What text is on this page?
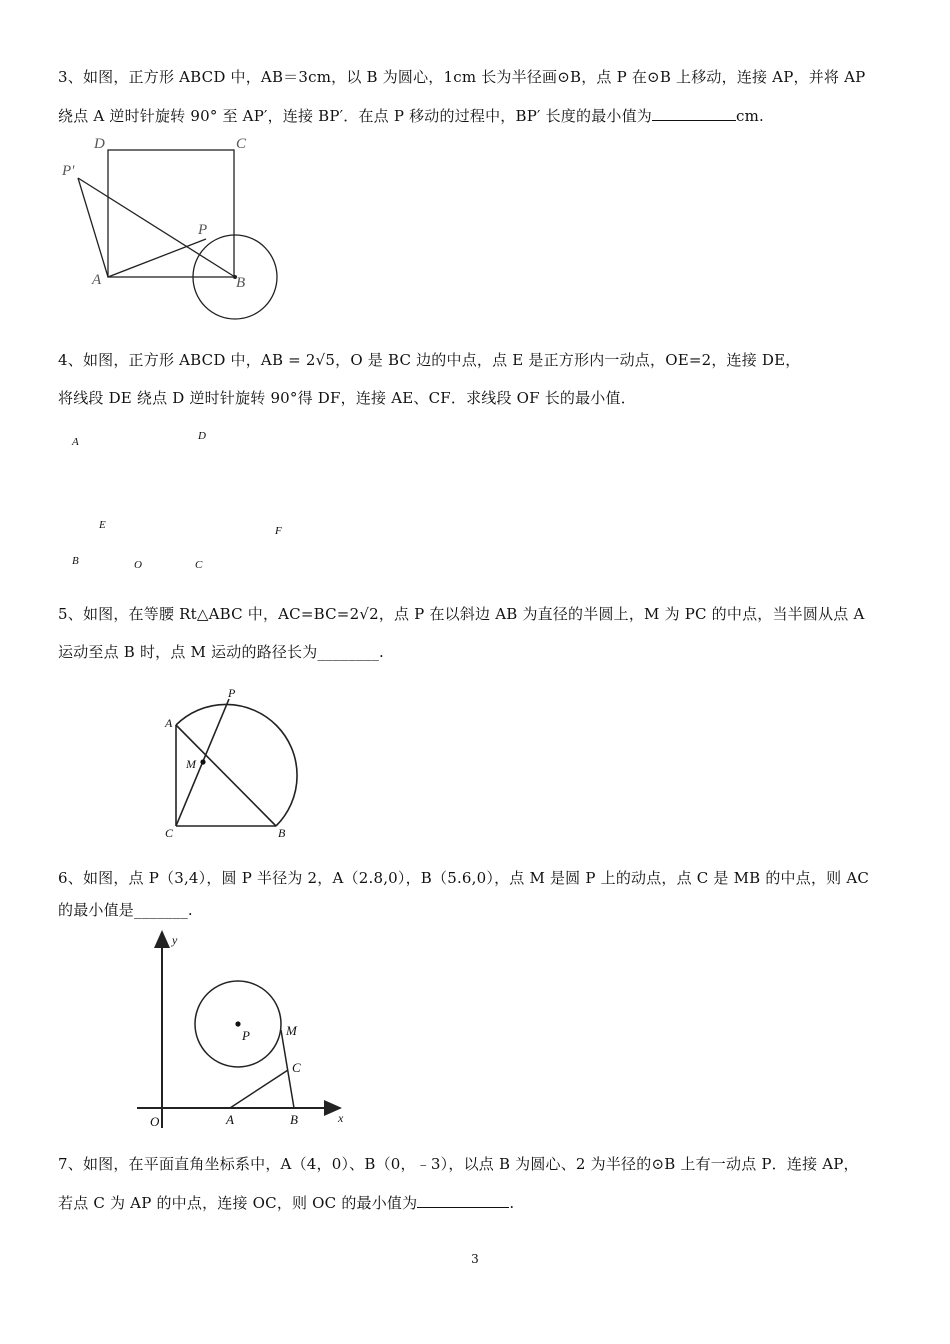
3、如图，正方形 ABCD 中，AB＝3cm，以 B 为圆心，1cm 长为半径画⊙B，点 P 在⊙B 上移动，连接 AP，并将 AP
绕点 A 逆时针旋转 90° 至 AP′，连接 BP′．在点 P 移动的过程中，BP′ 长度的最小值为	cm.
D	C
P'
P
A	B
4、如图，正方形 ABCD 中，AB = 2√5，O 是 BC 边的中点，点 E 是正方形内一动点，OE=2，连接 DE，
将线段 DE 绕点 D 逆时针旋转 90°得 DF，连接 AE、CF．求线段 OF 长的最小值．
A	D
E	F
B	O	C
5、如图，在等腰 Rt△ABC 中，AC=BC=2√2，点 P 在以斜边 AB 为直径的半圆上，M 为 PC 的中点，当半圆从点 A
运动至点 B 时，点 M 运动的路径长为________.
P
A
M
C	B
6、如图，点 P（3,4），圆 P 半径为 2，A（2.8,0），B（5.6,0），点 M 是圆 P 上的动点，点 C 是 MB 的中点，则 AC
的最小值是_______.
y
x
O
P	M
C
A	B
7、如图，在平面直角坐标系中，A（4，0）、B（0，﹣3），以点 B 为圆心、2 为半径的⊙B 上有一动点 P．连接 AP，
若点 C 为 AP 的中点，连接 OC，则 OC 的最小值为	.
3
